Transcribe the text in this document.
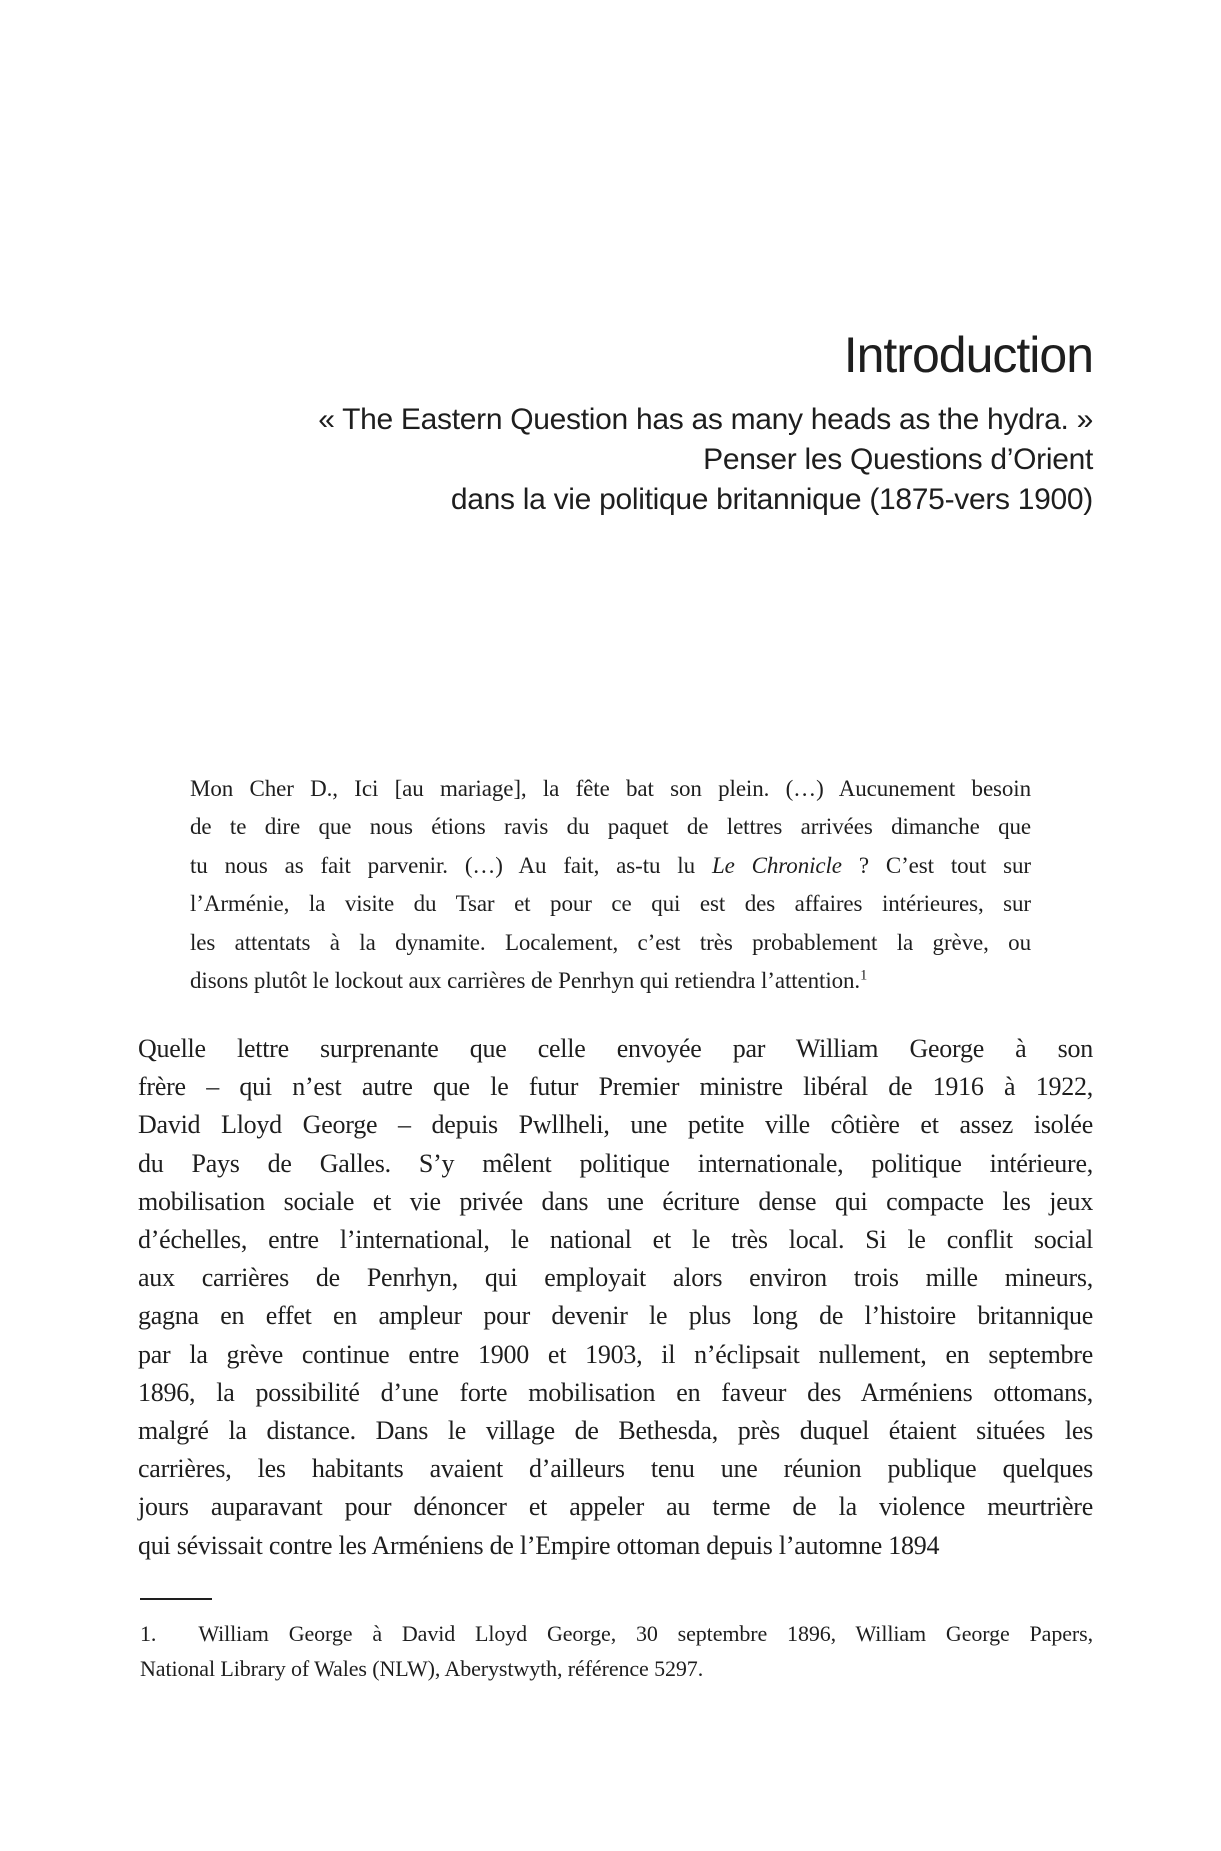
Introduction
« The Eastern Question has as many heads as the hydra. »
Penser les Questions d’Orient
dans la vie politique britannique (1875-vers 1900)
Mon Cher D., Ici [au mariage], la fête bat son plein. (…) Aucunement besoin
de te dire que nous étions ravis du paquet de lettres arrivées dimanche que
tu nous as fait parvenir. (…) Au fait, as-tu lu Le Chronicle ? C’est tout sur
l’Arménie, la visite du Tsar et pour ce qui est des affaires intérieures, sur
les attentats à la dynamite. Localement, c’est très probablement la grève, ou
disons plutôt le lockout aux carrières de Penrhyn qui retiendra l’attention.$^1$
Quelle lettre surprenante que celle envoyée par William George à son
frère – qui n’est autre que le futur Premier ministre libéral de 1916 à 1922,
David Lloyd George – depuis Pwllheli, une petite ville côtière et assez isolée
du Pays de Galles. S’y mêlent politique internationale, politique intérieure,
mobilisation sociale et vie privée dans une écriture dense qui compacte les jeux
d’échelles, entre l’international, le national et le très local. Si le conflit social
aux carrières de Penrhyn, qui employait alors environ trois mille mineurs,
gagna en effet en ampleur pour devenir le plus long de l’histoire britannique
par la grève continue entre 1900 et 1903, il n’éclipsait nullement, en septembre
1896, la possibilité d’une forte mobilisation en faveur des Arméniens ottomans,
malgré la distance. Dans le village de Bethesda, près duquel étaient situées les
carrières, les habitants avaient d’ailleurs tenu une réunion publique quelques
jours auparavant pour dénoncer et appeler au terme de la violence meurtrière
qui sévissait contre les Arméniens de l’Empire ottoman depuis l’automne 1894
1. William George à David Lloyd George, 30 septembre 1896, William George Papers,
National Library of Wales (NLW), Aberystwyth, référence 5297.
